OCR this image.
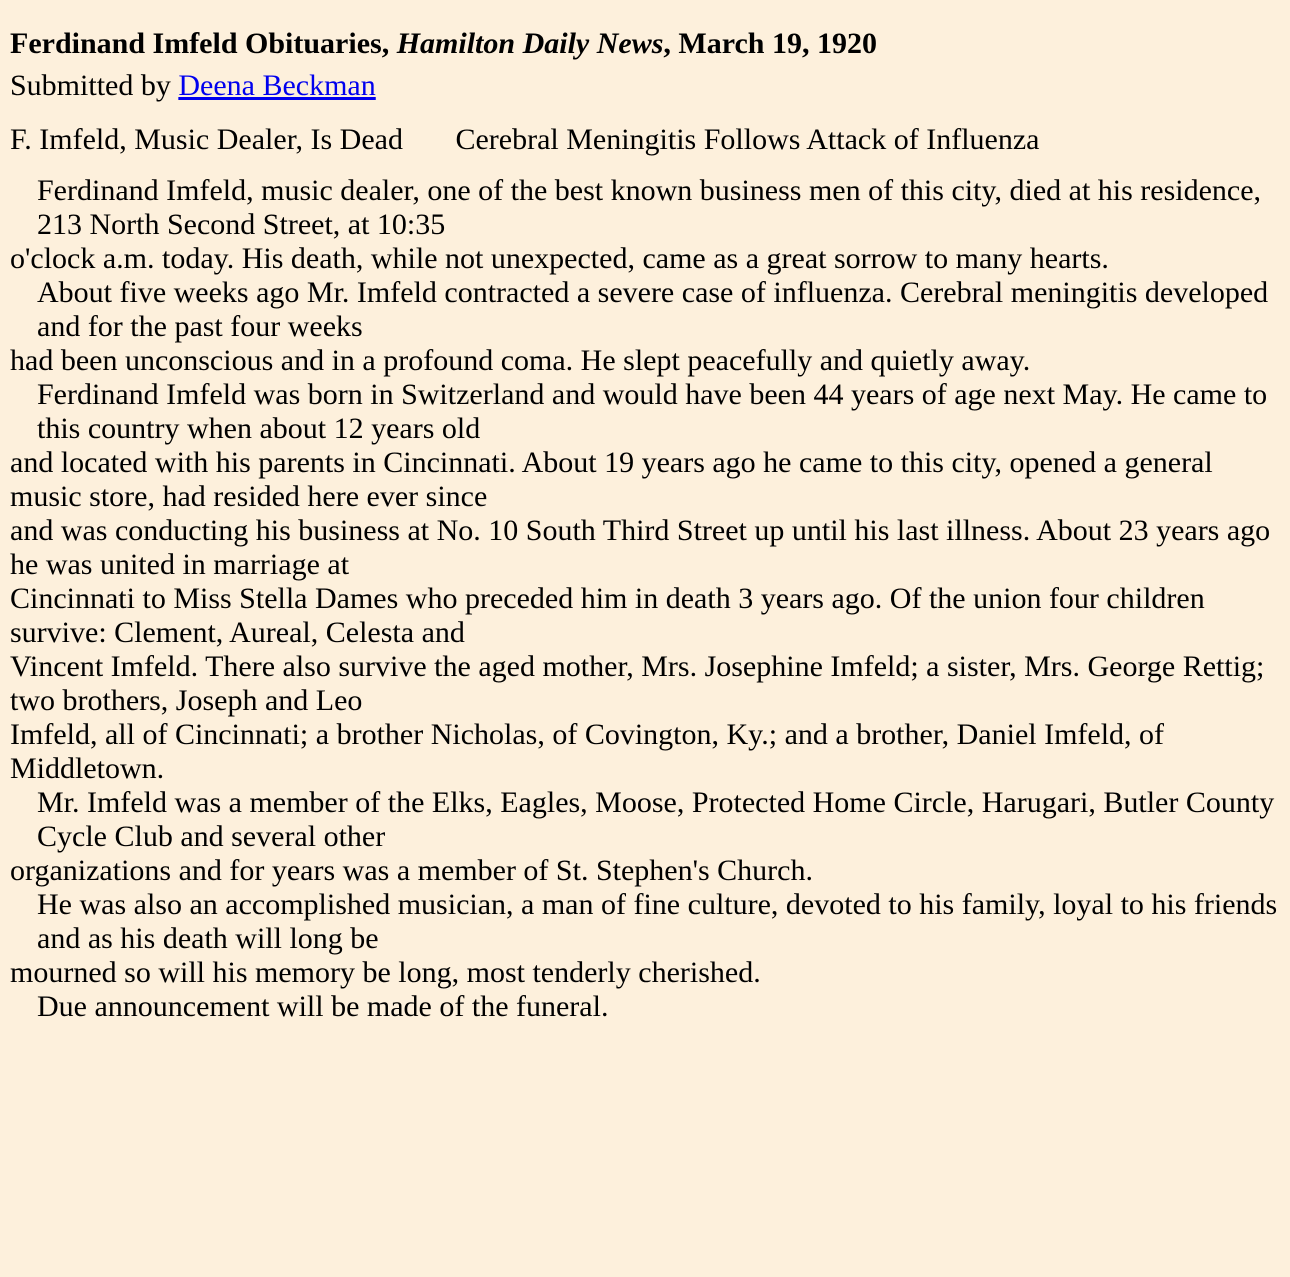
Ferdinand Imfeld Obituaries, Hamilton Daily News, March 19, 1920

Submitted by Deena Beckman

F. Imfeld, Music Dealer, Is Dead Cerebral Meningitis Follows Attack of Influenza

Ferdinand Imfeld, music dealer, one of the best known business men of this city, died at his residence, 213 North Second Street, at 10:35
o'clock a.m. today. His death, while not unexpected, came as a great sorrow to many hearts.
About five weeks ago Mr. Imfeld contracted a severe case of influenza. Cerebral meningitis developed and for the past four weeks
had been unconscious and in a profound coma. He slept peacefully and quietly away.
Ferdinand Imfeld was born in Switzerland and would have been 44 years of age next May. He came to this country when about 12 years old
and located with his parents in Cincinnati. About 19 years ago he came to this city, opened a general music store, had resided here ever since
and was conducting his business at No. 10 South Third Street up until his last illness. About 23 years ago he was united in marriage at
Cincinnati to Miss Stella Dames who preceded him in death 3 years ago. Of the union four children survive: Clement, Aureal, Celesta and
Vincent Imfeld. There also survive the aged mother, Mrs. Josephine Imfeld; a sister, Mrs. George Rettig; two brothers, Joseph and Leo
Imfeld, all of Cincinnati; a brother Nicholas, of Covington, Ky.; and a brother, Daniel Imfeld, of Middletown.
Mr. Imfeld was a member of the Elks, Eagles, Moose, Protected Home Circle, Harugari, Butler County Cycle Club and several other
organizations and for years was a member of St. Stephen's Church.
He was also an accomplished musician, a man of fine culture, devoted to his family, loyal to his friends and as his death will long be
mourned so will his memory be long, most tenderly cherished.
Due announcement will be made of the funeral.
